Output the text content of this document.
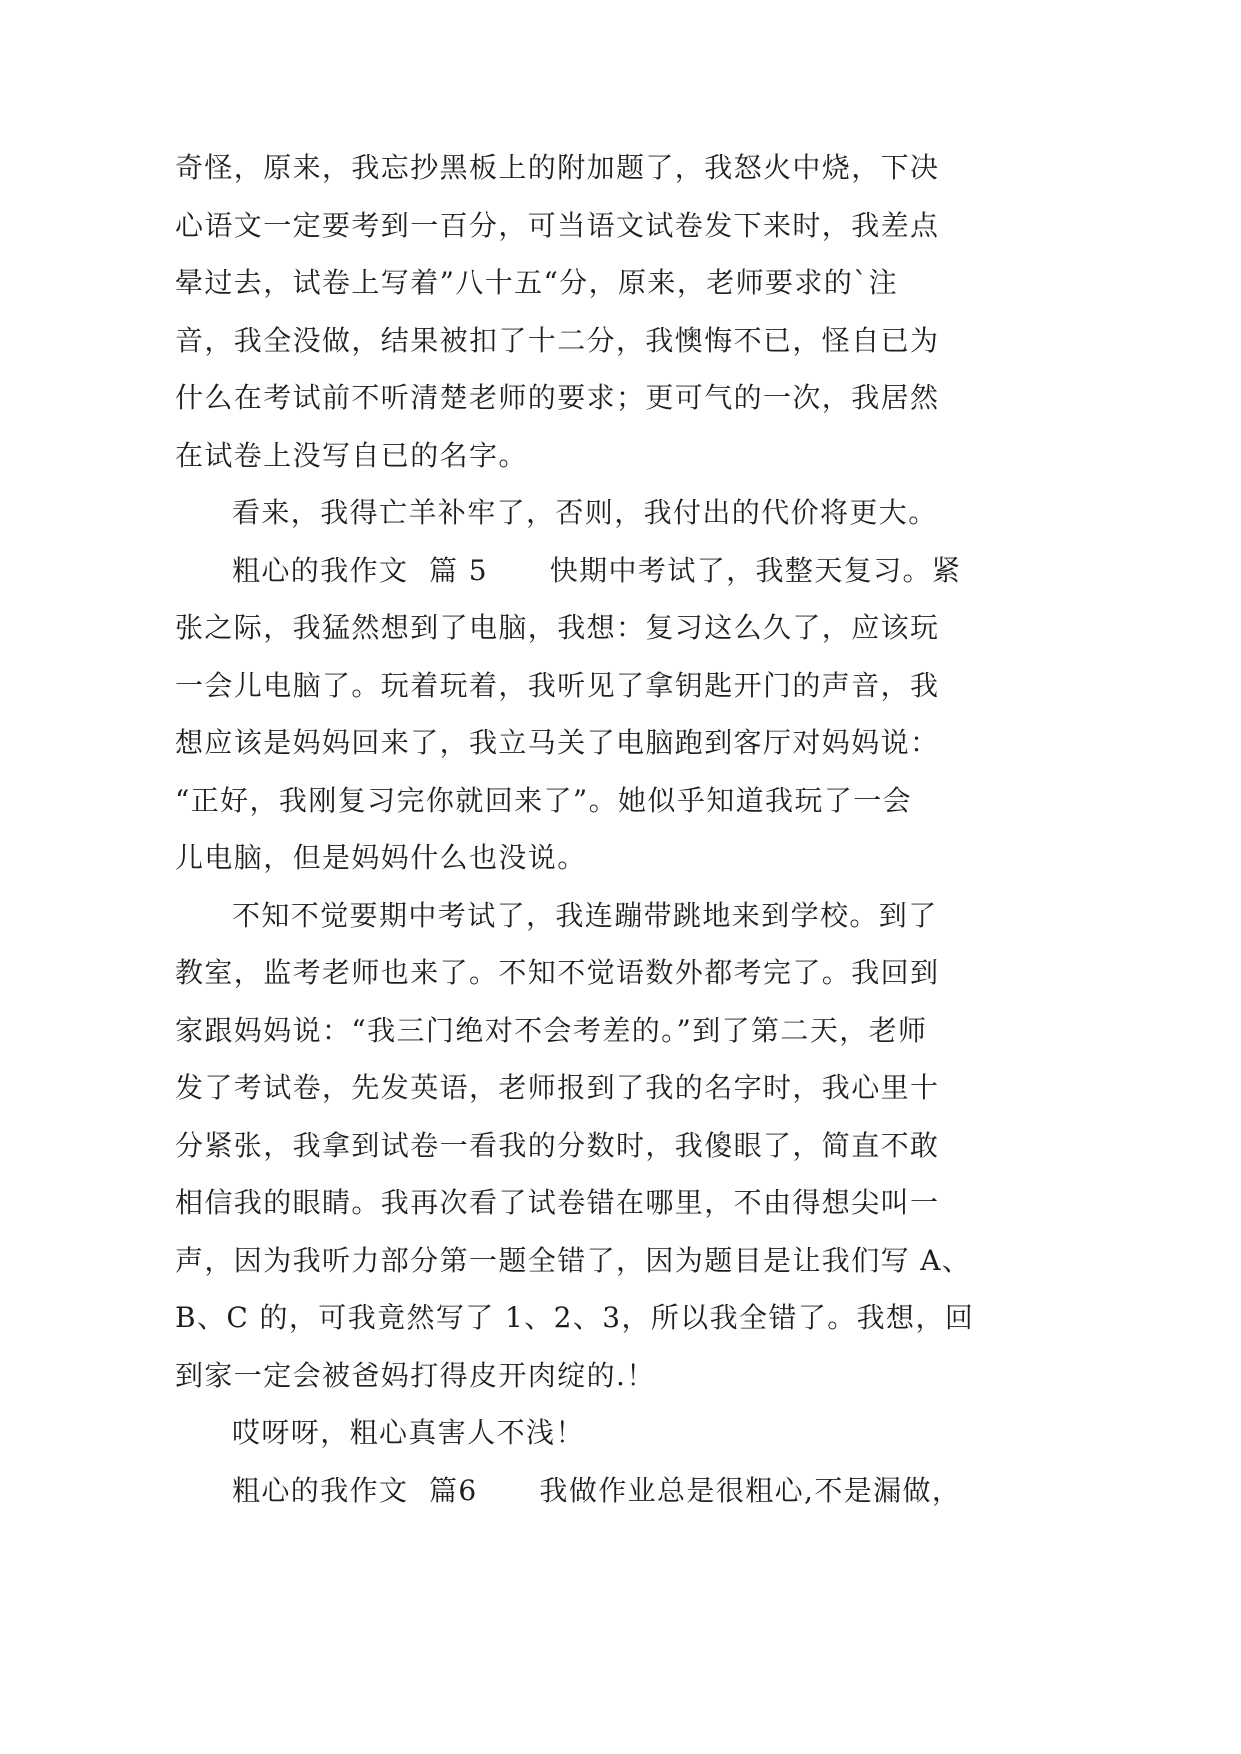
奇怪，原来，我忘抄黑板上的附加题了，我怒火中烧，下决
心语文一定要考到一百分，可当语文试卷发下来时，我差点
晕过去，试卷上写着”八十五“分，原来，老师要求的`注
音，我全没做，结果被扣了十二分，我懊悔不已，怪自已为
什么在考试前不听清楚老师的要求；更可气的一次，我居然
在试卷上没写自已的名字。
看来，我得亡羊补牢了，否则，我付出的代价将更大。
粗心的我作文  篇 5      快期中考试了，我整天复习。紧
张之际，我猛然想到了电脑，我想：复习这么久了，应该玩
一会儿电脑了。玩着玩着，我听见了拿钥匙开门的声音，我
想应该是妈妈回来了，我立马关了电脑跑到客厅对妈妈说：
“正好，我刚复习完你就回来了”。她似乎知道我玩了一会
儿电脑，但是妈妈什么也没说。
不知不觉要期中考试了，我连蹦带跳地来到学校。到了
教室，监考老师也来了。不知不觉语数外都考完了。我回到
家跟妈妈说：“我三门绝对不会考差的。”到了第二天，老师
发了考试卷，先发英语，老师报到了我的名字时，我心里十
分紧张，我拿到试卷一看我的分数时，我傻眼了，简直不敢
相信我的眼睛。我再次看了试卷错在哪里，不由得想尖叫一
声，因为我听力部分第一题全错了，因为题目是让我们写 A、
B、C 的，可我竟然写了 1、2、3，所以我全错了。我想，回
到家一定会被爸妈打得皮开肉绽的.！
哎呀呀，粗心真害人不浅！
粗心的我作文  篇6      我做作业总是很粗心,不是漏做，
